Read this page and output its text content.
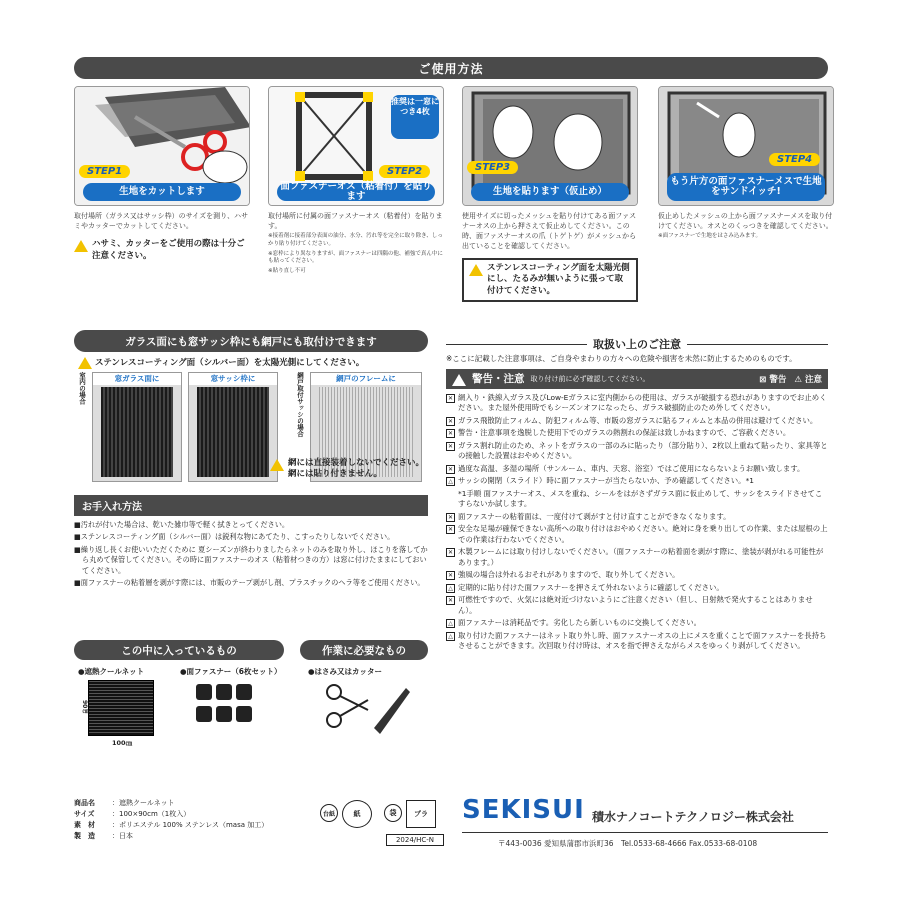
ご使用方法
STEP1
生地をカットします
取付場所（ガラス又はサッシ枠）のサイズを測り、ハサミやカッターでカットしてください。
ハサミ、カッターをご使用の際は十分ご注意ください。
推奨は一窓につき4枚
STEP2
面ファスナーオス（粘着付）を貼ります
取付場所に付属の面ファスナーオス（粘着付）を貼ります。
※接着剤に接着部分表面の油分、水分、汚れ等を完全に取り除き、しっかり貼り付けてください。
※窓枠により異なりますが、面ファスナーは四隅の他、補強で真ん中にも貼ってください。
※貼り直し不可
STEP3
生地を貼ります（仮止め）
使用サイズに切ったメッシュを貼り付けてある面ファスナーオスの上から押さえて仮止めしてください。この時、面ファスナーオスの爪（トゲトゲ）がメッシュから出ていることを確認してください。
ステンレスコーティング面を太陽光側にし、たるみが無いように張って取付けてください。
STEP4
もう片方の面ファスナーメスで生地をサンドイッチ!
仮止めしたメッシュの上から面ファスナーメスを取り付けてください。オスとのくっつきを確認してください。
※面ファスナーで生地をはさみ込みます。
ガラス面にも窓サッシ枠にも網戸にも取付けできます
ステンレスコーティング面（シルバー面）を太陽光側にしてください。
室内の場合	窓ガラス面に	窓サッシ枠に	網戸取付サッシの場合	網戸のフレームに
網には直接装着しないでください。
網には貼り付きません。
お手入れ方法
■汚れが付いた場合は、乾いた雑巾等で軽く拭きとってください。
■ステンレスコーティング面（シルバー面）は鋭利な物にあてたり、こすったりしないでください。
■繰り返し長くお使いいただくために 夏シーズンが終わりましたらネットのみを取り外し、ほこりを落してから丸めて保管してください。その時に面ファスナーのオス（粘着材つきの方）は窓に付けたままにしておいてください。
■面ファスナーの粘着層を剥がす際には、市販のテープ剥がし剤、プラスチックのヘラ等をご使用ください。
この中に入っているもの
●遮熱クールネット
90㎝
100㎝
●面ファスナー（6枚セット）
作業に必要なもの
●はさみ又はカッター
商品名	： 遮熱クールネット
サイズ	： 100×90cm（1枚入）
素　材	： ポリエステル 100% ステンレス（masa 加工）
製　造	： 日本
取扱い上のご注意
※ここに記載した注意事項は、ご自身やまわりの方々への危険や損害を未然に防止するためのものです。
警告・注意 取り付け前に必ず確認してください。	⊠ 警告 ⚠ 注意
✕ 網入り・鉄線入ガラス及びLow-Eガラスに室内側からの使用は、ガラスが破損する恐れがありますのでお止めください。また屋外使用時でもシーズンオフになったら、ガラス破損防止のため外してください。
✕ ガラス飛散防止フィルム、防犯フィルム等、市販の窓ガラスに貼るフィルムと本品の併用は避けてください。
✕ 警告・注意事項を逸脱した使用下でのガラスの熱割れの保証は致しかねますので、ご容赦ください。
✕ ガラス割れ防止のため、ネットをガラスの一部のみに貼ったり（部分貼り）、2枚以上重ねて貼ったり、家具等との接触した設置はおやめください。
✕ 過度な高温、多湿の場所（サンルーム、車内、天窓、浴室）ではご使用にならないようお願い致します。
△ サッシの開閉（スライド）時に面ファスナーが当たらないか、予め確認してください。*1
*1手順 面ファスナーオス、メスを重ね、シールをはがさずガラス面に仮止めして、サッシをスライドさせてこすらないか試します。
✕ 面ファスナーの粘着面は、一度付けて剥がすと付け直すことができなくなります。
✕ 安全な足場が確保できない高所への取り付けはおやめください。絶対に身を乗り出しての作業、または屋根の上での作業は行わないでください。
✕ 木製フレームには取り付けしないでください。（面ファスナーの粘着面を剥がす際に、塗装が剥がれる可能性があります。）
✕ 強風の場合は外れるおそれがありますので、取り外してください。
△ 定期的に貼り付けた面ファスナーを押さえて外れないように確認してください。
✕ 可燃性ですので、火気には絶対近づけないようにご注意ください（但し、日射熱で発火することはありません）。
△ 面ファスナーは消耗品です。劣化したら新しいものに交換してください。
△ 取り付けた面ファスナーはネット取り外し時、面ファスナーオスの上にメスを重くことで面ファスナーを長持ちさせることができます。次回取り付け時は、オスを指で押さえながらメスをゆっくり剥がしてください。
台紙	紙	袋	プラ
2024/HC-N
SEKISUI 積水ナノコートテクノロジー株式会社
〒443-0036 愛知県蒲郡市浜町36　Tel.0533-68-4666 Fax.0533-68-0108
